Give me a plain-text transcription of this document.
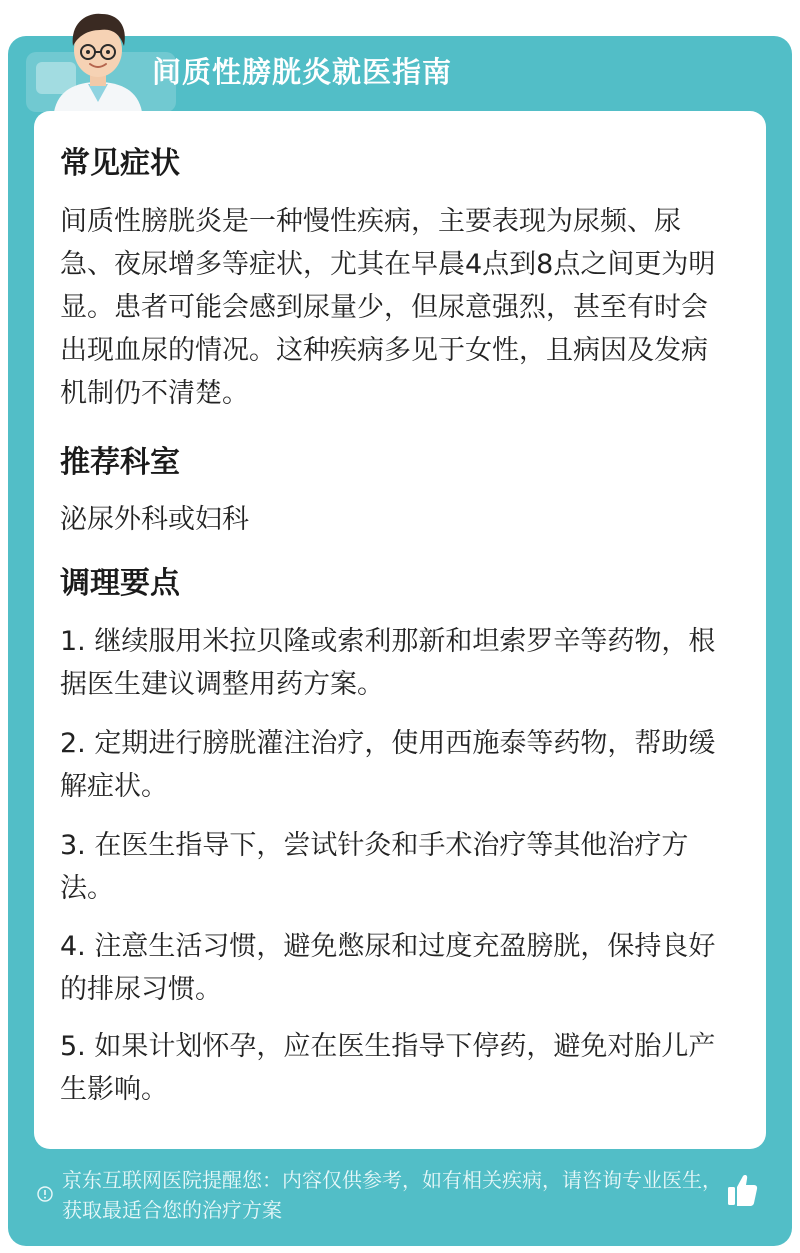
间质性膀胱炎就医指南
常见症状
间质性膀胱炎是一种慢性疾病，主要表现为尿频、尿急、夜尿增多等症状，尤其在早晨4点到8点之间更为明显。患者可能会感到尿量少，但尿意强烈，甚至有时会出现血尿的情况。这种疾病多见于女性，且病因及发病机制仍不清楚。
推荐科室
泌尿外科或妇科
调理要点
1. 继续服用米拉贝隆或索利那新和坦索罗辛等药物，根据医生建议调整用药方案。
2. 定期进行膀胱灌注治疗，使用西施泰等药物，帮助缓解症状。
3. 在医生指导下，尝试针灸和手术治疗等其他治疗方法。
4. 注意生活习惯，避免憋尿和过度充盈膀胱，保持良好的排尿习惯。
5. 如果计划怀孕，应在医生指导下停药，避免对胎儿产生影响。
京东互联网医院提醒您：内容仅供参考，如有相关疾病，请咨询专业医生，获取最适合您的治疗方案
